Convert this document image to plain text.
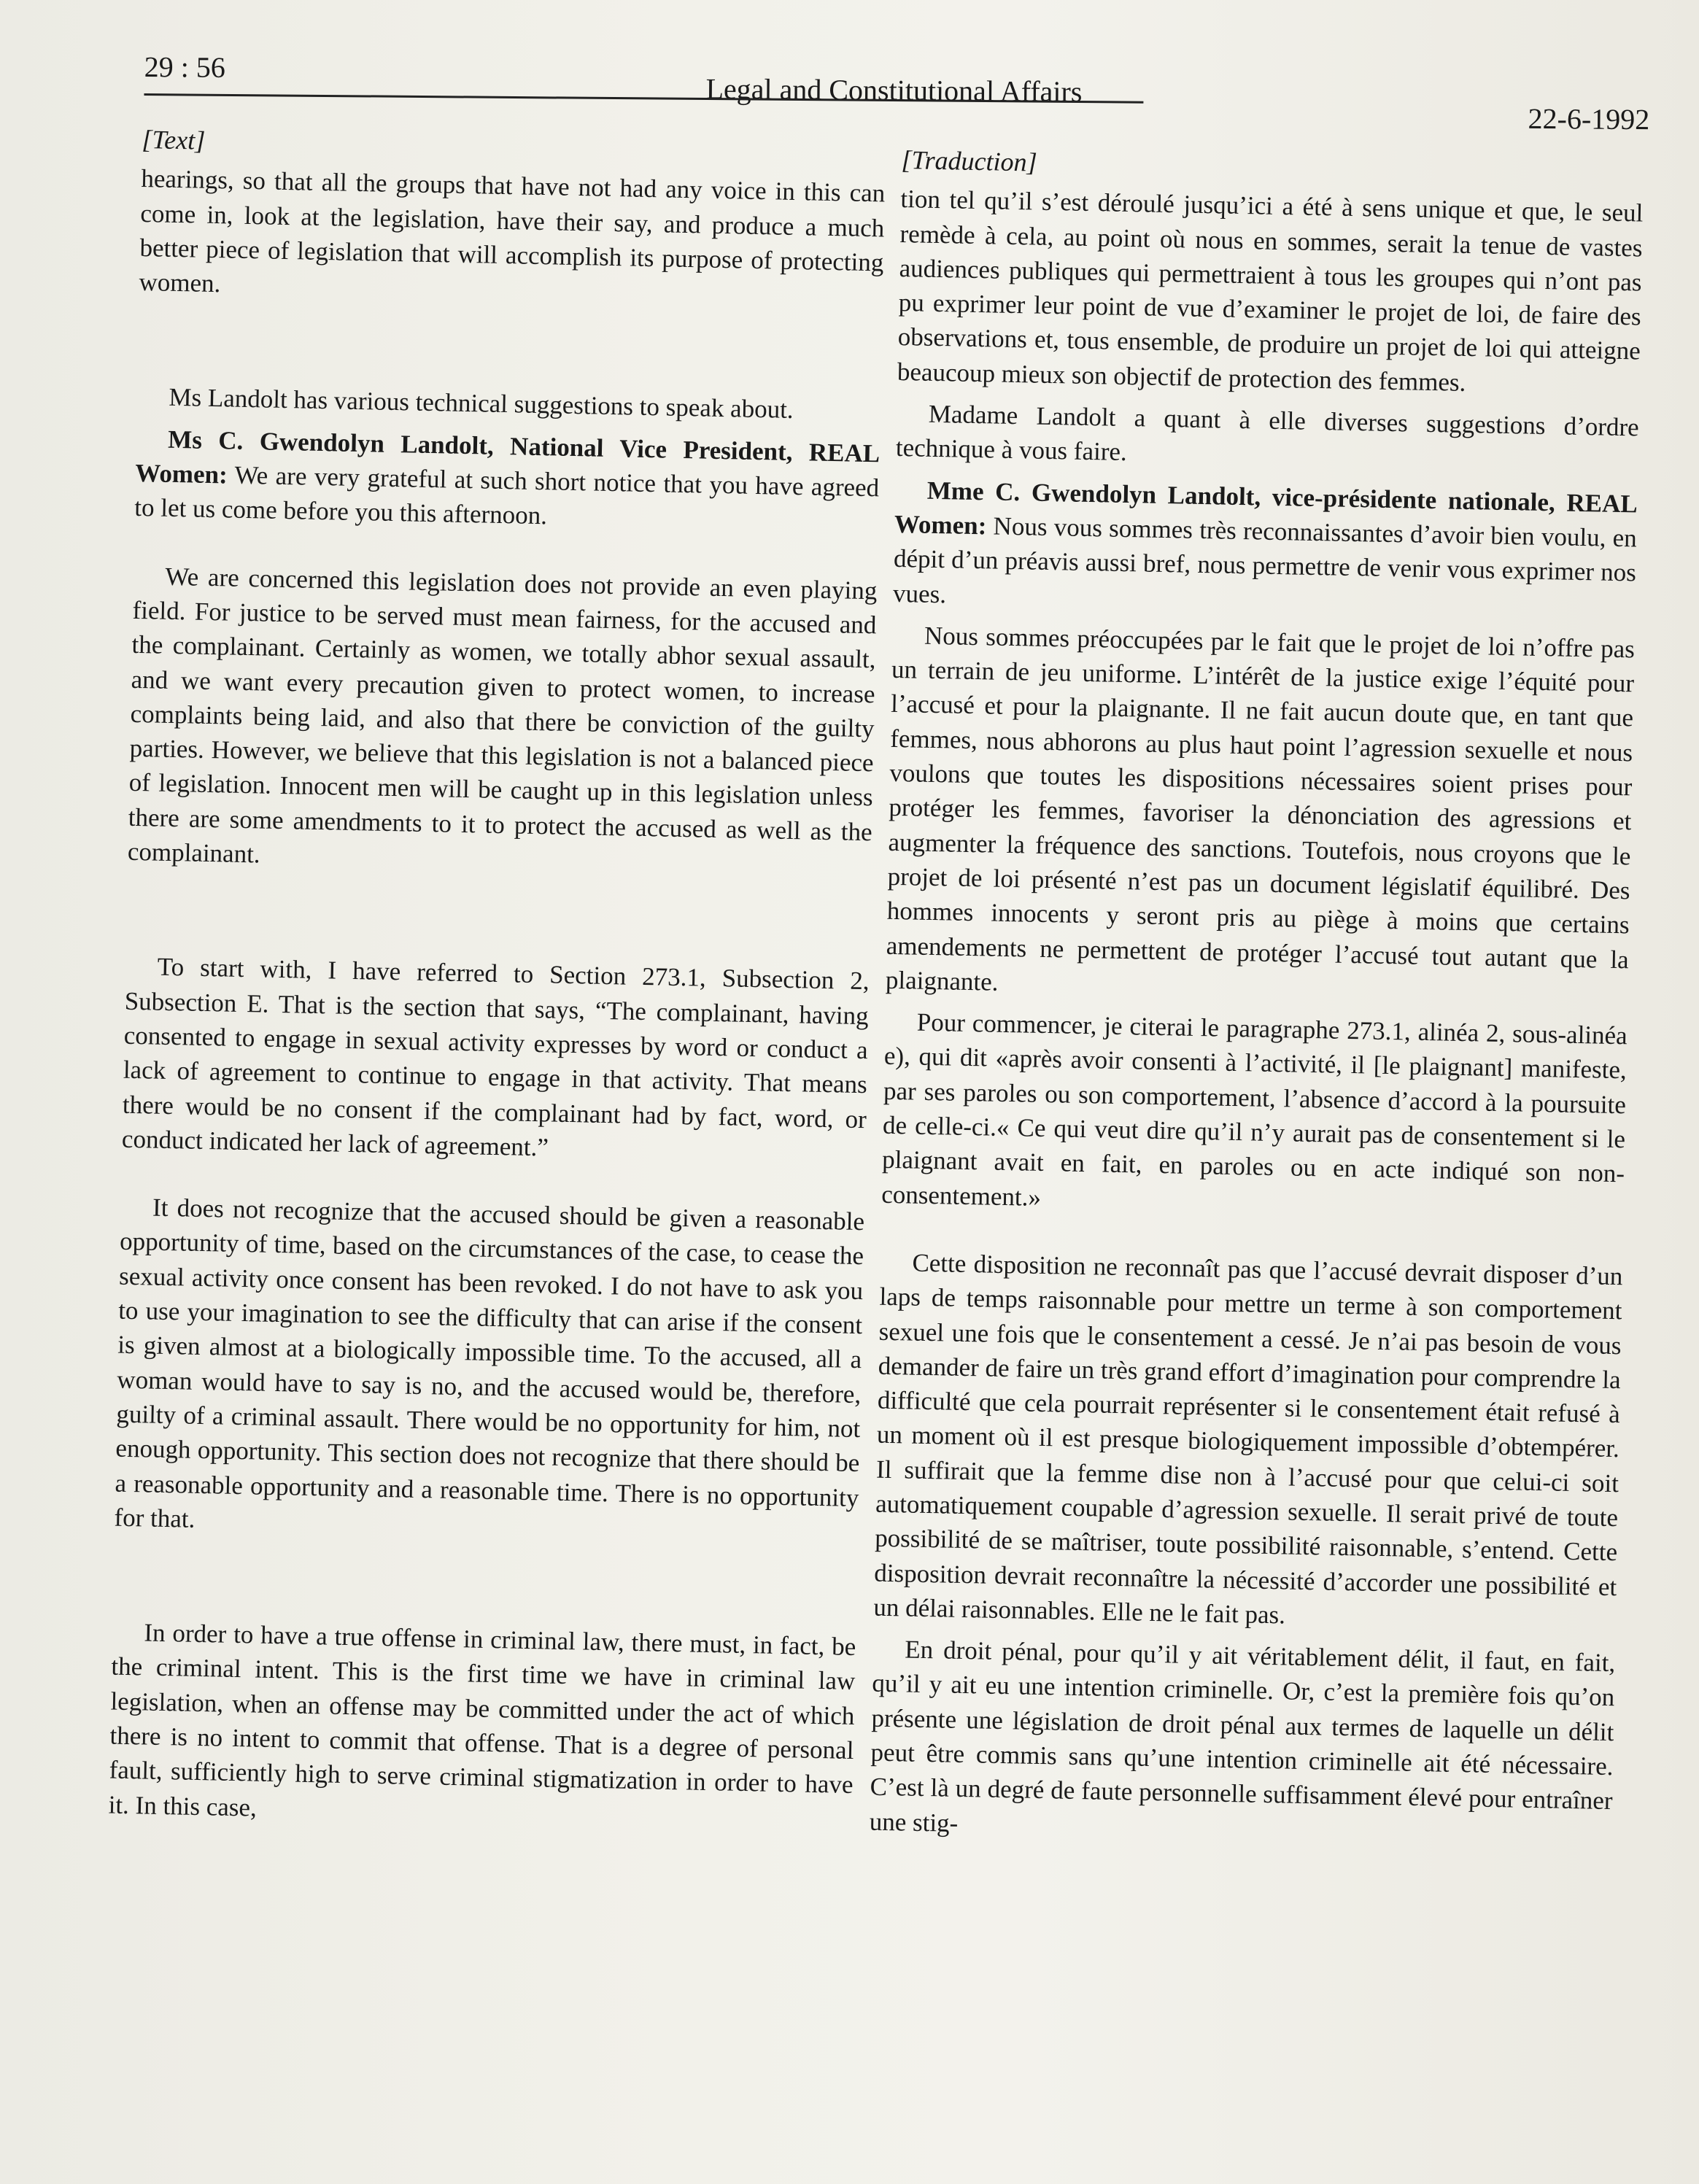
29 : 56
Legal and Constitutional Affairs
22-6-1992

[Text]

hearings, so that all the groups that have not had any voice in this can come in, look at the legislation, have their say, and produce a much better piece of legislation that will accomplish its purpose of protecting women.

Ms Landolt has various technical suggestions to speak about.

Ms C. Gwendolyn Landolt, National Vice President, REAL Women: We are very grateful at such short notice that you have agreed to let us come before you this afternoon.

We are concerned this legislation does not provide an even playing field. For justice to be served must mean fairness, for the accused and the complainant. Certainly as women, we totally abhor sexual assault, and we want every precaution given to protect women, to increase complaints being laid, and also that there be conviction of the guilty parties. However, we believe that this legislation is not a balanced piece of legislation. Innocent men will be caught up in this legislation unless there are some amendments to it to protect the accused as well as the complainant.

To start with, I have referred to Section 273.1, Subsection 2, Subsection E. That is the section that says, “The complainant, having consented to engage in sexual activity expresses by word or conduct a lack of agreement to continue to engage in that activity. That means there would be no consent if the complainant had by fact, word, or conduct indicated her lack of agreement.”

It does not recognize that the accused should be given a reasonable opportunity of time, based on the circumstances of the case, to cease the sexual activity once consent has been revoked. I do not have to ask you to use your imagination to see the difficulty that can arise if the consent is given almost at a biologically impossible time. To the accused, all a woman would have to say is no, and the accused would be, therefore, guilty of a criminal assault. There would be no opportunity for him, not enough opportunity. This section does not recognize that there should be a reasonable opportunity and a reasonable time. There is no opportunity for that.

In order to have a true offense in criminal law, there must, in fact, be the criminal intent. This is the first time we have in criminal law legislation, when an offense may be committed under the act of which there is no intent to commit that offense. That is a degree of personal fault, sufficiently high to serve criminal stigmatization in order to have it. In this case,

[Traduction]

tion tel qu’il s’est déroulé jusqu’ici a été à sens unique et que, le seul remède à cela, au point où nous en sommes, serait la tenue de vastes audiences publiques qui permettraient à tous les groupes qui n’ont pas pu exprimer leur point de vue d’examiner le projet de loi, de faire des observations et, tous ensemble, de produire un projet de loi qui atteigne beaucoup mieux son objectif de protection des femmes.

Madame Landolt a quant à elle diverses suggestions d’ordre technique à vous faire.

Mme C. Gwendolyn Landolt, vice-présidente nationale, REAL Women: Nous vous sommes très reconnaissantes d’avoir bien voulu, en dépit d’un préavis aussi bref, nous permettre de venir vous exprimer nos vues.

Nous sommes préoccupées par le fait que le projet de loi n’offre pas un terrain de jeu uniforme. L’intérêt de la justice exige l’équité pour l’accusé et pour la plaignante. Il ne fait aucun doute que, en tant que femmes, nous abhorons au plus haut point l’agression sexuelle et nous voulons que toutes les dispositions nécessaires soient prises pour protéger les femmes, favoriser la dénonciation des agressions et augmenter la fréquence des sanctions. Toutefois, nous croyons que le projet de loi présenté n’est pas un document législatif équilibré. Des hommes innocents y seront pris au piège à moins que certains amendements ne permettent de protéger l’accusé tout autant que la plaignante.

Pour commencer, je citerai le paragraphe 273.1, alinéa 2, sous-alinéa e), qui dit «après avoir consenti à l’activité, il [le plaignant] manifeste, par ses paroles ou son comportement, l’absence d’accord à la poursuite de celle-ci.« Ce qui veut dire qu’il n’y aurait pas de consentement si le plaignant avait en fait, en paroles ou en acte indiqué son non-consentement.»

Cette disposition ne reconnaît pas que l’accusé devrait disposer d’un laps de temps raisonnable pour mettre un terme à son comportement sexuel une fois que le consentement a cessé. Je n’ai pas besoin de vous demander de faire un très grand effort d’imagination pour comprendre la difficulté que cela pourrait représenter si le consentement était refusé à un moment où il est presque biologiquement impossible d’obtempérer. Il suffirait que la femme dise non à l’accusé pour que celui-ci soit automatiquement coupable d’agression sexuelle. Il serait privé de toute possibilité de se maîtriser, toute possibilité raisonnable, s’entend. Cette disposition devrait reconnaître la nécessité d’accorder une possibilité et un délai raisonnables. Elle ne le fait pas.

En droit pénal, pour qu’il y ait véritablement délit, il faut, en fait, qu’il y ait eu une intention criminelle. Or, c’est la première fois qu’on présente une législation de droit pénal aux termes de laquelle un délit peut être commis sans qu’une intention criminelle ait été nécessaire. C’est là un degré de faute personnelle suffisamment élevé pour entraîner une stig-
